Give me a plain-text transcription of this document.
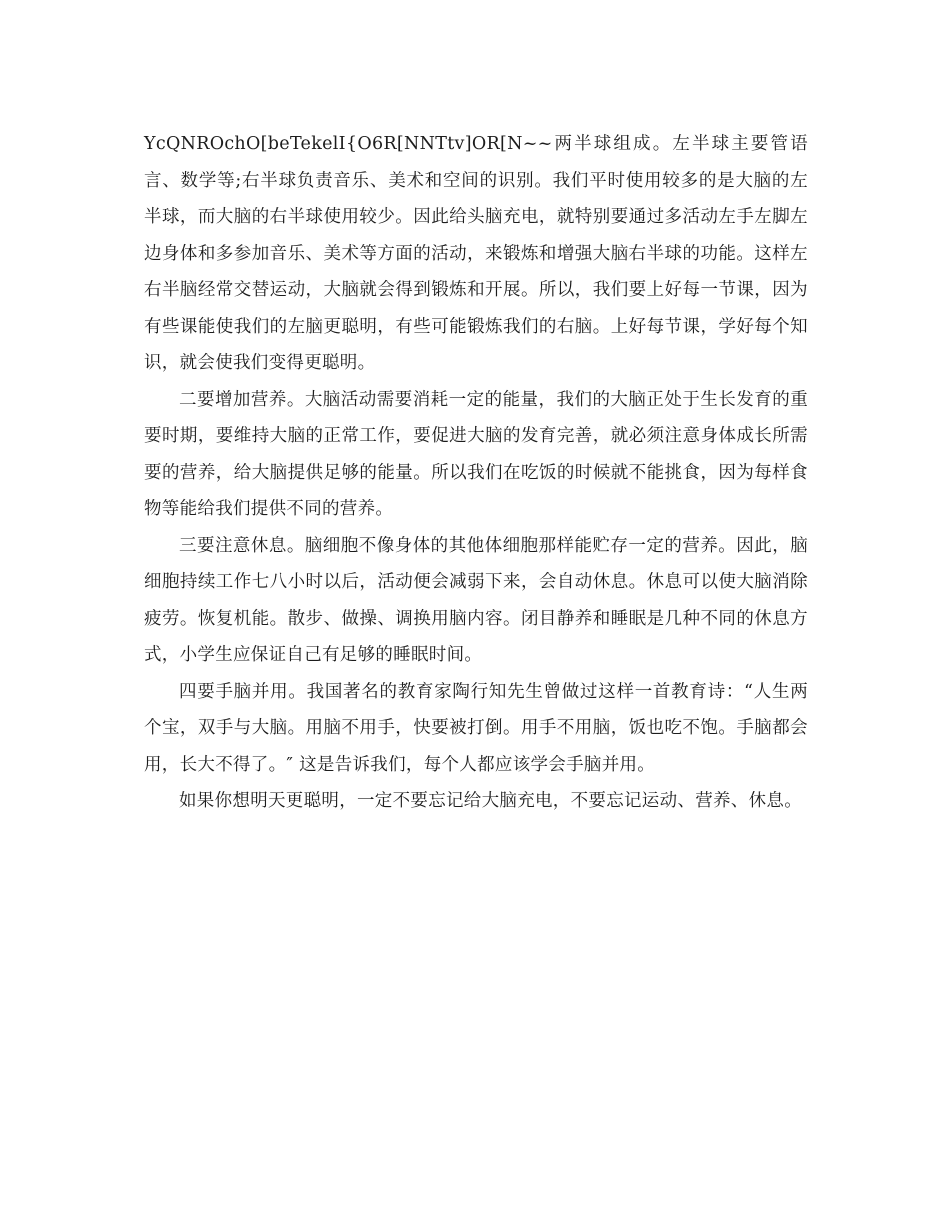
YcQNROchO[beTekelI{O6R[NNTtv]OR[N~~两半球组成。左半球主要管语言、数学等;右半球负责音乐、美术和空间的识别。我们平时使用较多的是大脑的左半球，而大脑的右半球使用较少。因此给头脑充电，就特别要通过多活动左手左脚左边身体和多参加音乐、美术等方面的活动，来锻炼和增强大脑右半球的功能。这样左右半脑经常交替运动，大脑就会得到锻炼和开展。所以，我们要上好每一节课，因为有些课能使我们的左脑更聪明，有些可能锻炼我们的右脑。上好每节课，学好每个知识，就会使我们变得更聪明。

二要增加营养。大脑活动需要消耗一定的能量，我们的大脑正处于生长发育的重要时期，要维持大脑的正常工作，要促进大脑的发育完善，就必须注意身体成长所需要的营养，给大脑提供足够的能量。所以我们在吃饭的时候就不能挑食，因为每样食物等能给我们提供不同的营养。

三要注意休息。脑细胞不像身体的其他体细胞那样能贮存一定的营养。因此，脑细胞持续工作七八小时以后，活动便会减弱下来，会自动休息。休息可以使大脑消除疲劳。恢复机能。散步、做操、调换用脑内容。闭目静养和睡眠是几种不同的休息方式，小学生应保证自己有足够的睡眠时间。

四要手脑并用。我国著名的教育家陶行知先生曾做过这样一首教育诗：“人生两个宝，双手与大脑。用脑不用手，快要被打倒。用手不用脑，饭也吃不饱。手脑都会用，长大不得了。″ 这是告诉我们，每个人都应该学会手脑并用。

如果你想明天更聪明，一定不要忘记给大脑充电，不要忘记运动、营养、休息。
